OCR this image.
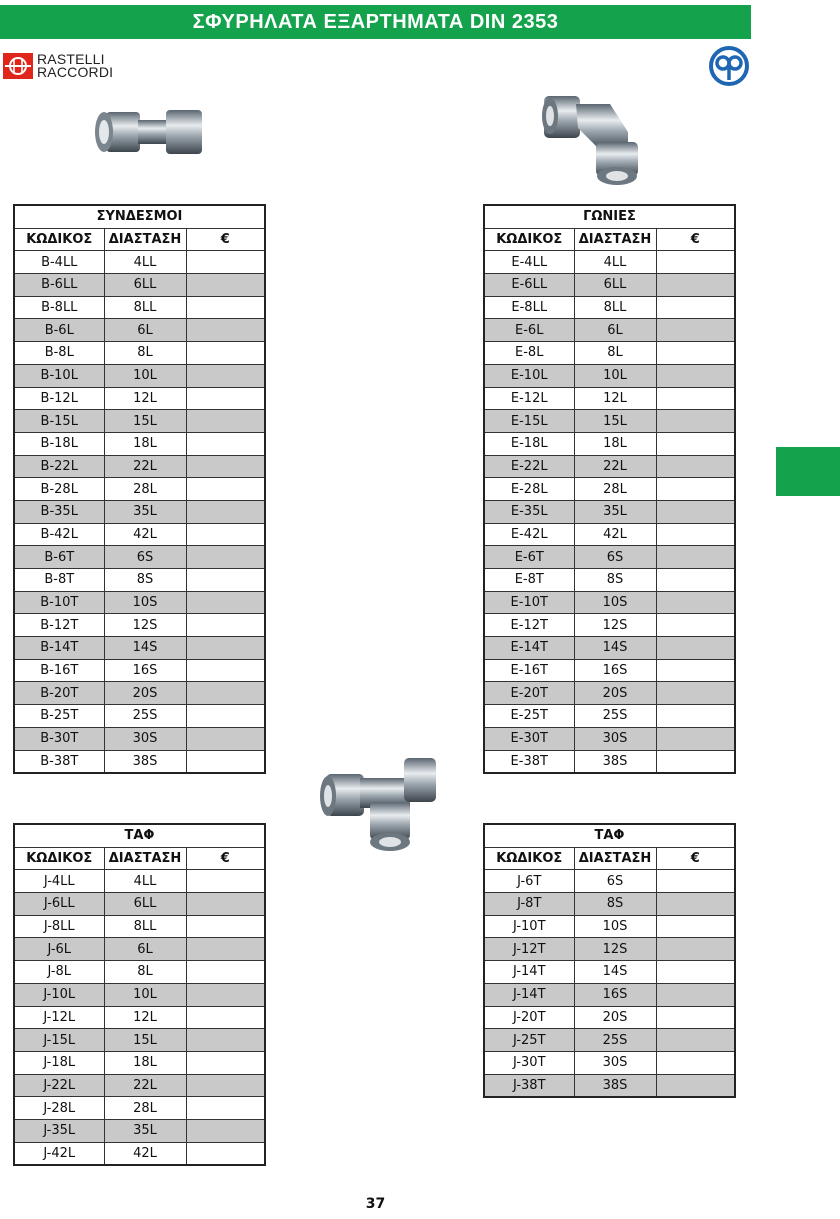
ΣΦΥΡΗΛΑΤΑ ΕΞΑΡΤΗΜΑΤΑ DIN 2353
RASTELLI
RACCORDI
ΣΥΝΔΕΣΜΟΙ		
ΚΩΔΙΚΟΣ	ΔΙΑΣΤΑΣΗ	€
B-4LL	4LL	
B-6LL	6LL	
B-8LL	8LL	
B-6L	6L	
B-8L	8L	
B-10L	10L	
B-12L	12L	
B-15L	15L	
B-18L	18L	
B-22L	22L	
B-28L	28L	
B-35L	35L	
B-42L	42L	
B-6T	6S	
B-8T	8S	
B-10T	10S	
B-12T	12S	
B-14T	14S	
B-16T	16S	
B-20T	20S	
B-25T	25S	
B-30T	30S	
B-38T	38S	
ΓΩΝΙΕΣ		
ΚΩΔΙΚΟΣ	ΔΙΑΣΤΑΣΗ	€
E-4LL	4LL	
E-6LL	6LL	
E-8LL	8LL	
E-6L	6L	
E-8L	8L	
E-10L	10L	
E-12L	12L	
E-15L	15L	
E-18L	18L	
E-22L	22L	
E-28L	28L	
E-35L	35L	
E-42L	42L	
E-6T	6S	
E-8T	8S	
E-10T	10S	
E-12T	12S	
E-14T	14S	
E-16T	16S	
E-20T	20S	
E-25T	25S	
E-30T	30S	
E-38T	38S	
ΤΑΦ		
ΚΩΔΙΚΟΣ	ΔΙΑΣΤΑΣΗ	€
J-4LL	4LL	
J-6LL	6LL	
J-8LL	8LL	
J-6L	6L	
J-8L	8L	
J-10L	10L	
J-12L	12L	
J-15L	15L	
J-18L	18L	
J-22L	22L	
J-28L	28L	
J-35L	35L	
J-42L	42L	
ΤΑΦ		
ΚΩΔΙΚΟΣ	ΔΙΑΣΤΑΣΗ	€
J-6T	6S	
J-8T	8S	
J-10T	10S	
J-12T	12S	
J-14T	14S	
J-14T	16S	
J-20T	20S	
J-25T	25S	
J-30T	30S	
J-38T	38S	
37
